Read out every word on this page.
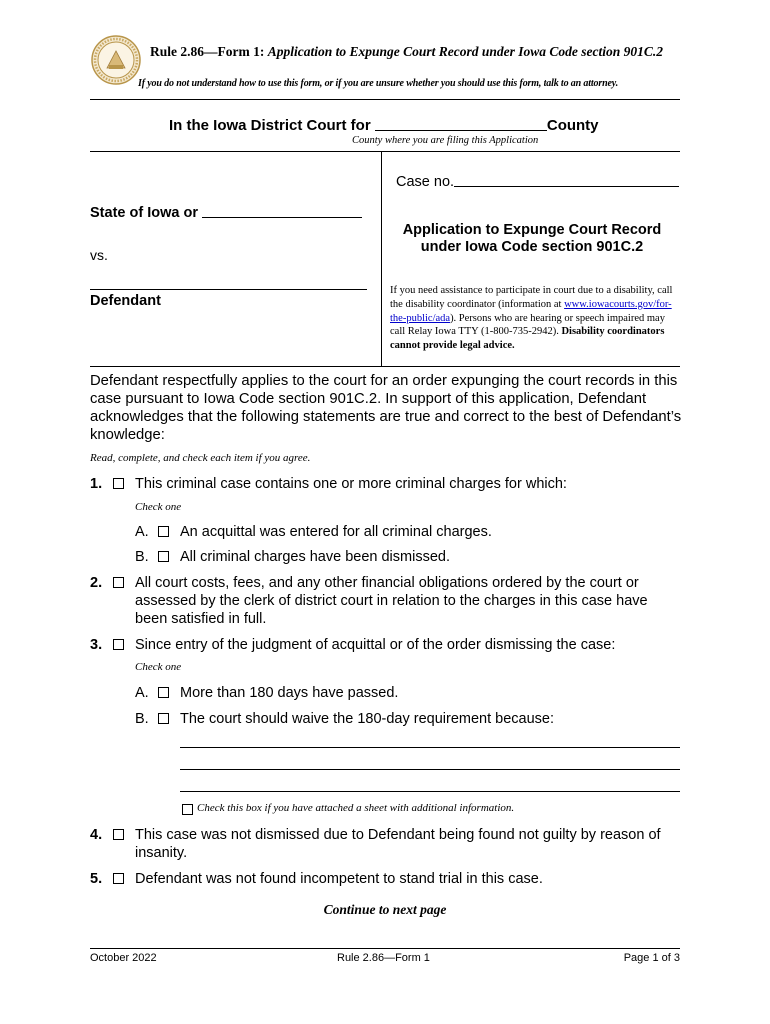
Rule 2.86—Form 1: Application to Expunge Court Record under Iowa Code section 901C.2
If you do not understand how to use this form, or if you are unsure whether you should use this form, talk to an attorney.
In the Iowa District Court for	County
County where you are filing this Application
Case no.
State of Iowa or
Application to Expunge Court Record
under Iowa Code section 901C.2
vs.
Defendant
If you need assistance to participate in court due to a disability, call the disability coordinator (information at www.iowacourts.gov/for-the-public/ada). Persons who are hearing or speech impaired may call Relay Iowa TTY (1-800-735-2942). Disability coordinators cannot provide legal advice.
Defendant respectfully applies to the court for an order expunging the court records in this case pursuant to Iowa Code section 901C.2. In support of this application, Defendant acknowledges that the following statements are true and correct to the best of Defendant’s knowledge:
Read, complete, and check each item if you agree.
1. This criminal case contains one or more criminal charges for which:
Check one
A. An acquittal was entered for all criminal charges.
B. All criminal charges have been dismissed.
2. All court costs, fees, and any other financial obligations ordered by the court or assessed by the clerk of district court in relation to the charges in this case have been satisfied in full.
3. Since entry of the judgment of acquittal or of the order dismissing the case:
Check one
A. More than 180 days have passed.
B. The court should waive the 180-day requirement because:
Check this box if you have attached a sheet with additional information.
4. This case was not dismissed due to Defendant being found not guilty by reason of insanity.
5. Defendant was not found incompetent to stand trial in this case.
Continue to next page
October 2022	Rule 2.86—Form 1	Page 1 of 3
